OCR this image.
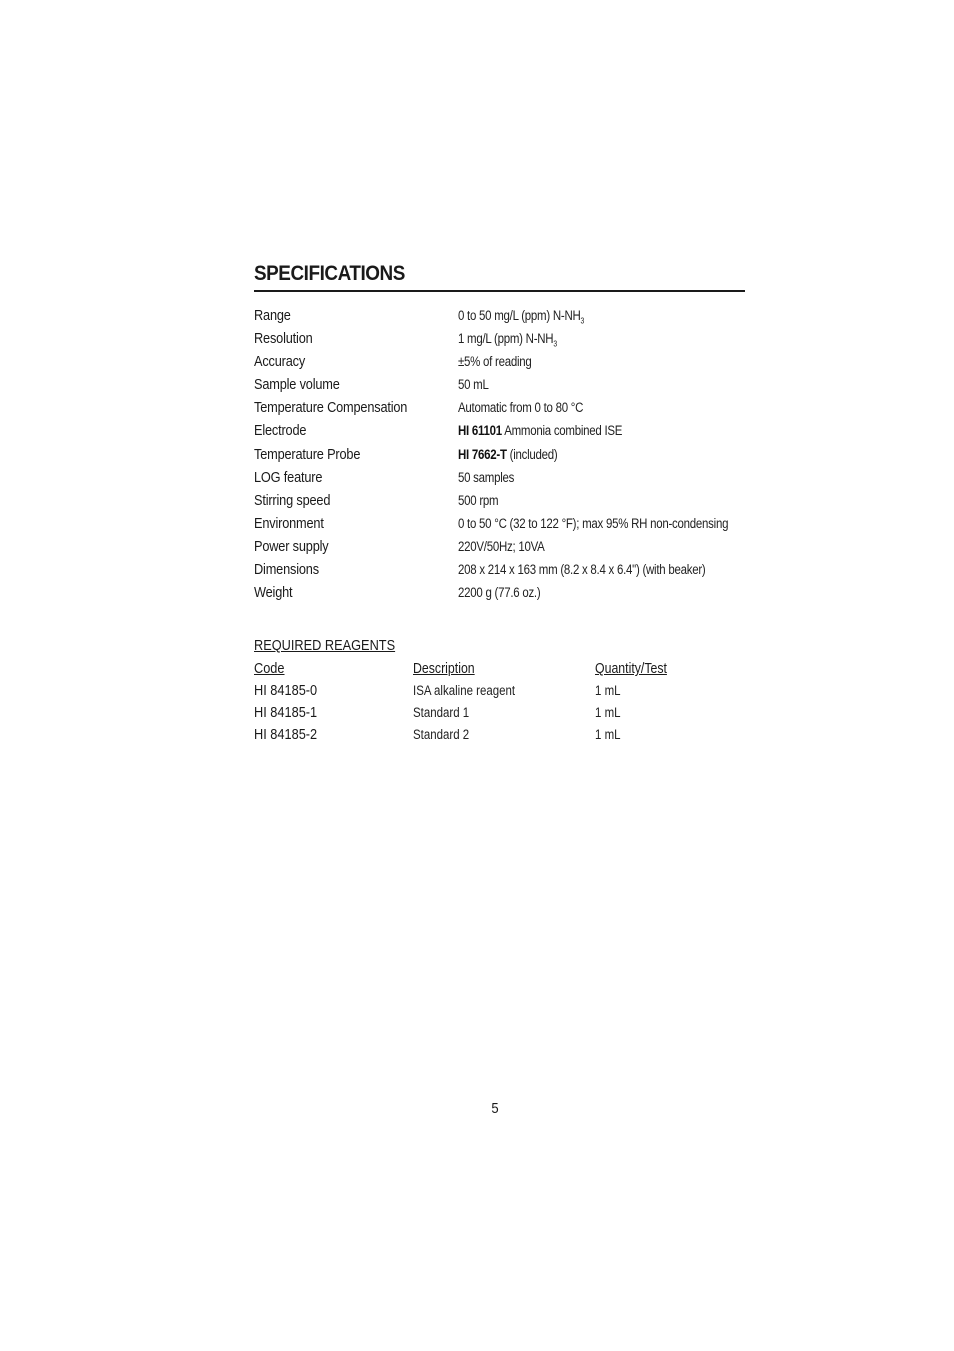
SPECIFICATIONS
Range	0 to 50 mg/L (ppm) $N-NH_3$
Resolution	1 mg/L (ppm) $N-NH_3$
Accuracy	±5% of reading
Sample volume	50 mL
Temperature Compensation	Automatic from 0 to 80 °C
Electrode	HI 61101 Ammonia combined ISE
Temperature Probe	HI 7662-T (included)
LOG feature	50 samples
Stirring speed	500 rpm
Environment	0 to 50 °C (32 to 122 °F); max 95% RH non-condensing
Power supply	220V/50Hz; 10VA
Dimensions	208 x 214 x 163 mm (8.2 x 8.4 x 6.4") (with beaker)
Weight	2200 g (77.6 oz.)
REQUIRED REAGENTS
Code	Description	Quantity/Test
HI 84185-0	ISA alkaline reagent	1 mL
HI 84185-1	Standard 1	1 mL
HI 84185-2	Standard 2	1 mL
5
